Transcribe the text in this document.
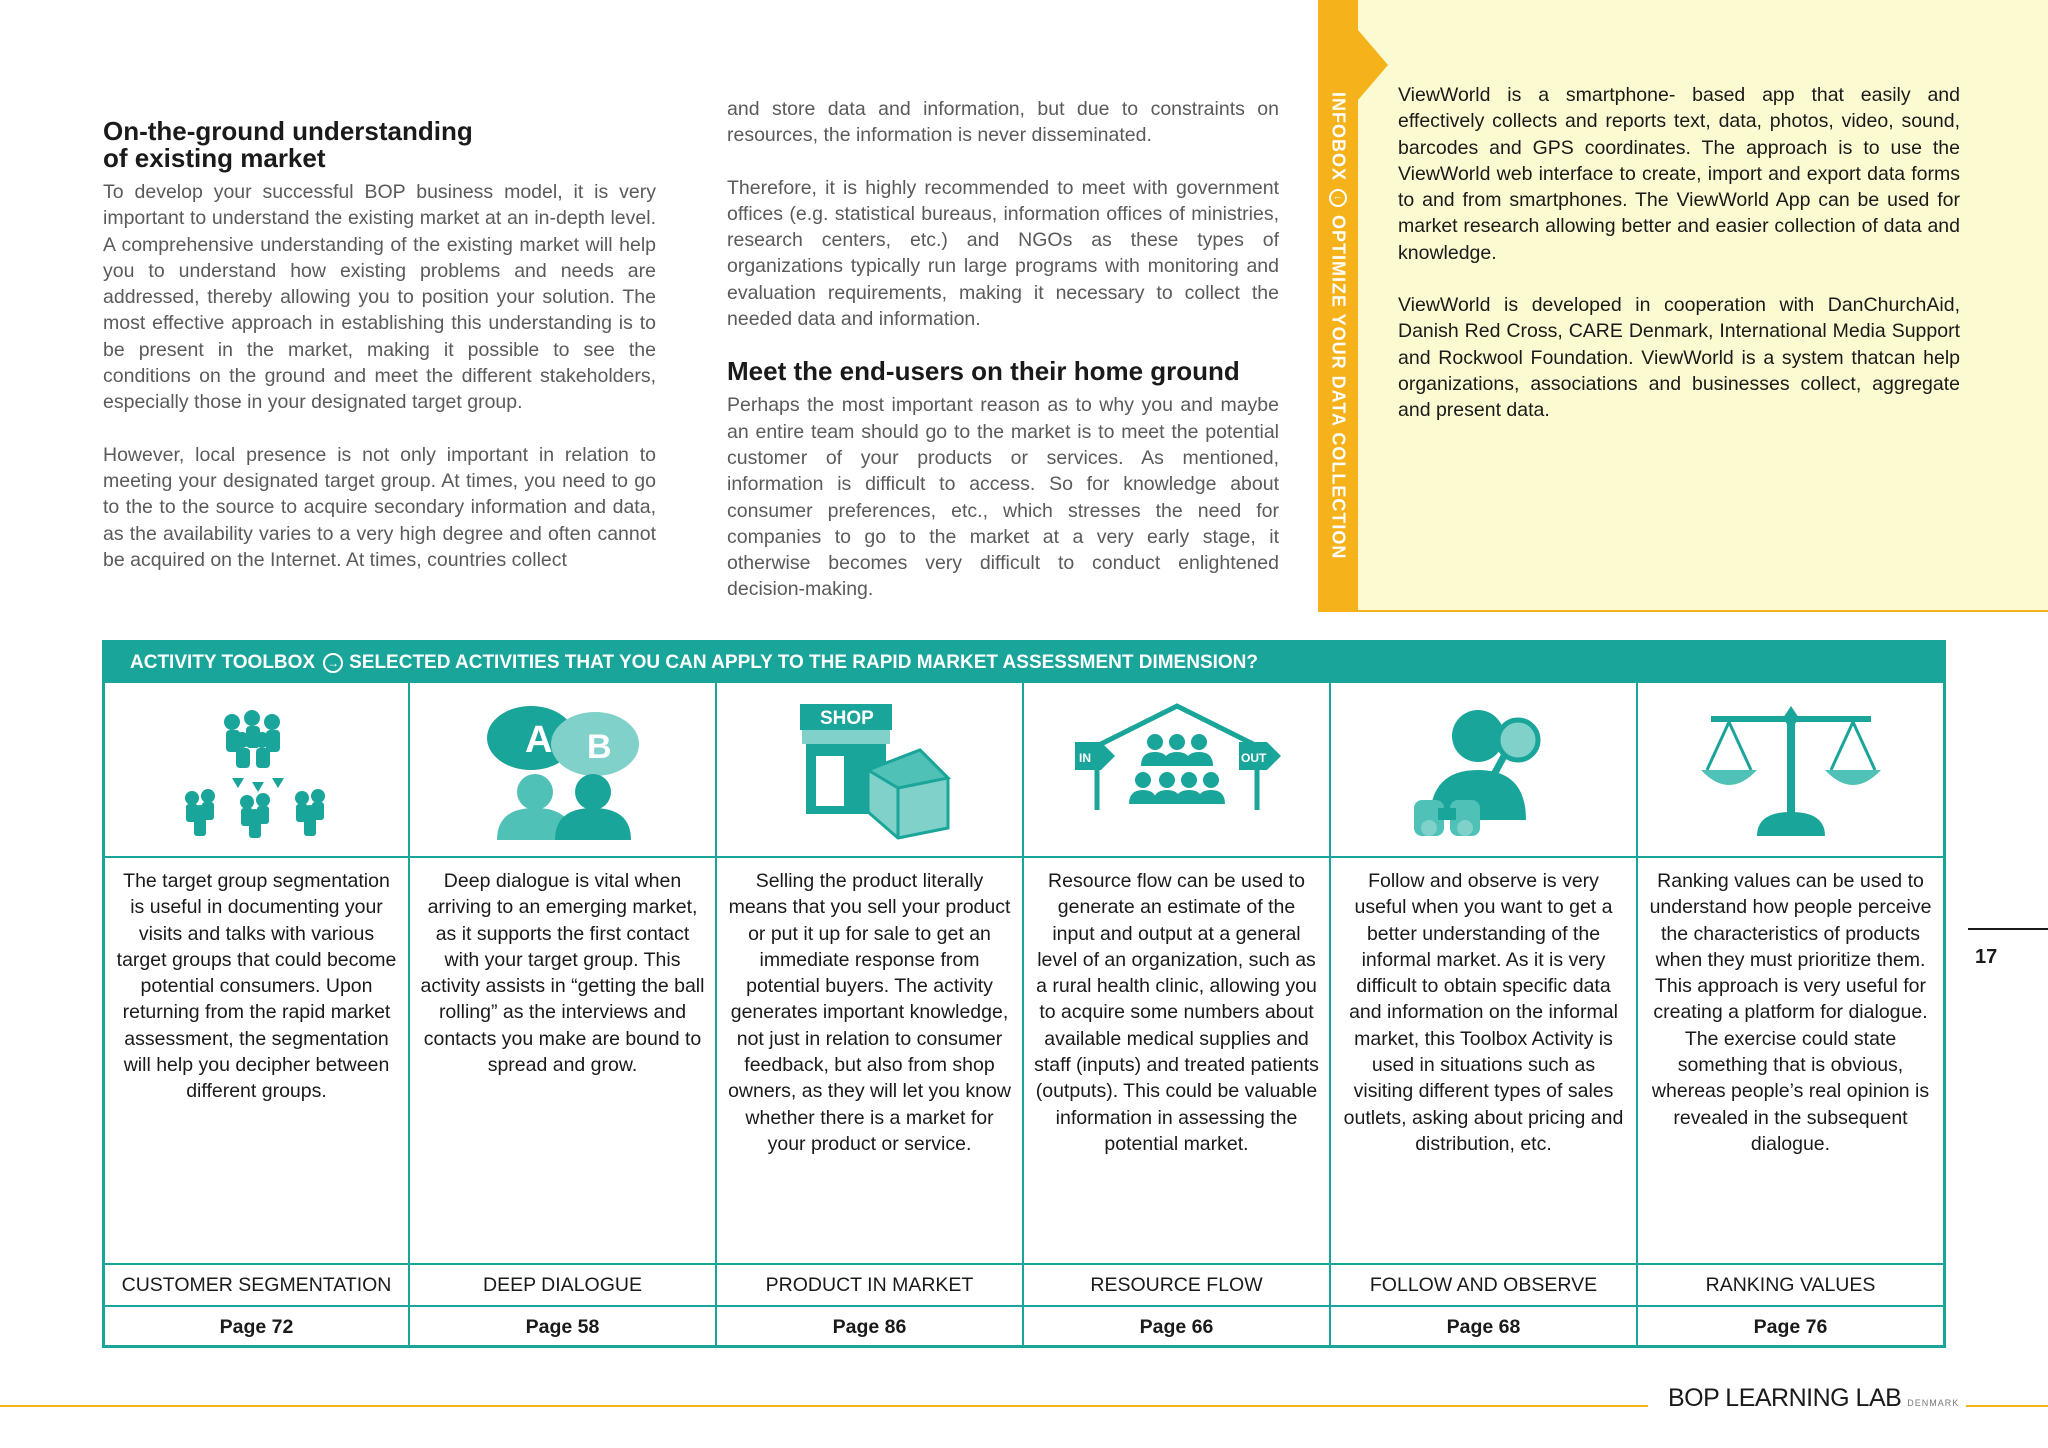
On-the-ground understanding
of existing market

To develop your successful BOP business model, it is very important to understand the existing market at an in-depth level. A comprehensive understanding of the existing market will help you to understand how existing problems and needs are addressed, thereby allowing you to position your solution. The most effective approach in establishing this understanding is to be present in the market, making it possible to see the conditions on the ground and meet the different stakeholders, especially those in your designated target group.

However, local presence is not only important in relation to meeting your designated target group. At times, you need to go to the to the source to acquire secondary information and data, as the availability varies to a very high degree and often cannot be acquired on the Internet. At times, countries collect

and store data and information, but due to constraints on resources, the information is never disseminated.

Therefore, it is highly recommended to meet with government offices (e.g. statistical bureaus, information offices of ministries, research centers, etc.) and NGOs as these types of organizations typically run large programs with monitoring and evaluation requirements, making it necessary to collect the needed data and information.

Meet the end-users on their home ground

Perhaps the most important reason as to why you and maybe an entire team should go to the market is to meet the potential customer of your products or services. As mentioned, information is difficult to access. So for knowledge about consumer preferences, etc., which stresses the need for companies to go to the market at a very early stage, it otherwise becomes very difficult to conduct enlightened decision-making.

INFOBOX
↓
OPTIMIZE YOUR DATA COLLECTION

ViewWorld is a smartphone- based app that easily and effectively collects and reports text, data, photos, video, sound, barcodes and GPS coordinates. The approach is to use the ViewWorld web interface to create, import and export data forms to and from smartphones. The ViewWorld App can be used for market research allowing better and easier collection of data and knowledge.

ViewWorld is developed in cooperation with DanChurchAid, Danish Red Cross, CARE Denmark, International Media Support and Rockwool Foundation. ViewWorld is a system thatcan help organizations, associations and businesses collect, aggregate and present data.

ACTIVITY TOOLBOX → SELECTED ACTIVITIES THAT YOU CAN APPLY TO THE RAPID MARKET ASSESSMENT DIMENSION?
The target group segmentation is useful in documenting your visits and talks with various target groups that could become potential consumers. Upon returning from the rapid market assessment, the segmentation will help you decipher between different groups.
CUSTOMER SEGMENTATION
Page 72
A B
Deep dialogue is vital when arriving to an emerging market, as it supports the first contact with your target group. This activity assists in “getting the ball rolling” as the interviews and contacts you make are bound to spread and grow.
DEEP DIALOGUE
Page 58
SHOP
Selling the product literally means that you sell your product or put it up for sale to get an immediate response from potential buyers. The activity generates important knowledge, not just in relation to consumer feedback, but also from shop owners, as they will let you know whether there is a market for your product or service.
PRODUCT IN MARKET
Page 86
IN	OUT
Resource flow can be used to generate an estimate of the input and output at a general level of an organization, such as a rural health clinic, allowing you to acquire some numbers about available medical supplies and staff (inputs) and treated patients (outputs). This could be valuable information in assessing the potential market.
RESOURCE FLOW
Page 66
Follow and observe is very useful when you want to get a better understanding of the informal market. As it is very difficult to obtain specific data and information on the informal market, this Toolbox Activity is used in situations such as visiting different types of sales outlets, asking about pricing and distribution, etc.
FOLLOW AND OBSERVE
Page 68
Ranking values can be used to understand how people perceive the characteristics of products when they must prioritize them. This approach is very useful for creating a platform for dialogue. The exercise could state something that is obvious, whereas people’s real opinion is revealed in the subsequent dialogue.
RANKING VALUES
Page 76
17
BOP LEARNING LAB DENMARK
